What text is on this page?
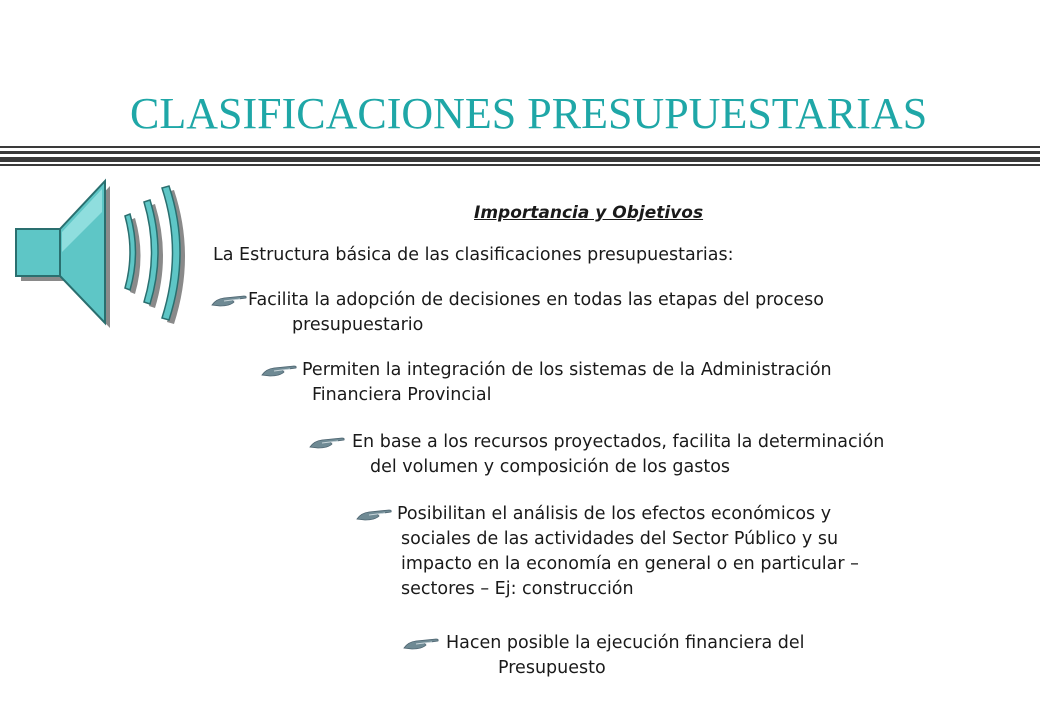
CLASIFICACIONES PRESUPUESTARIAS
Importancia y Objetivos
La Estructura básica de las clasificaciones presupuestarias:
Facilita la adopción de decisiones en todas las etapas del proceso
presupuestario
Permiten la integración de los sistemas de la Administración
Financiera Provincial
En base a los recursos proyectados, facilita la determinación
del volumen y composición de los gastos
Posibilitan el análisis de los efectos económicos y
sociales de las actividades del Sector Público y su
impacto en la economía en general o en particular –
sectores – Ej: construcción
Hacen posible la ejecución financiera del
Presupuesto
